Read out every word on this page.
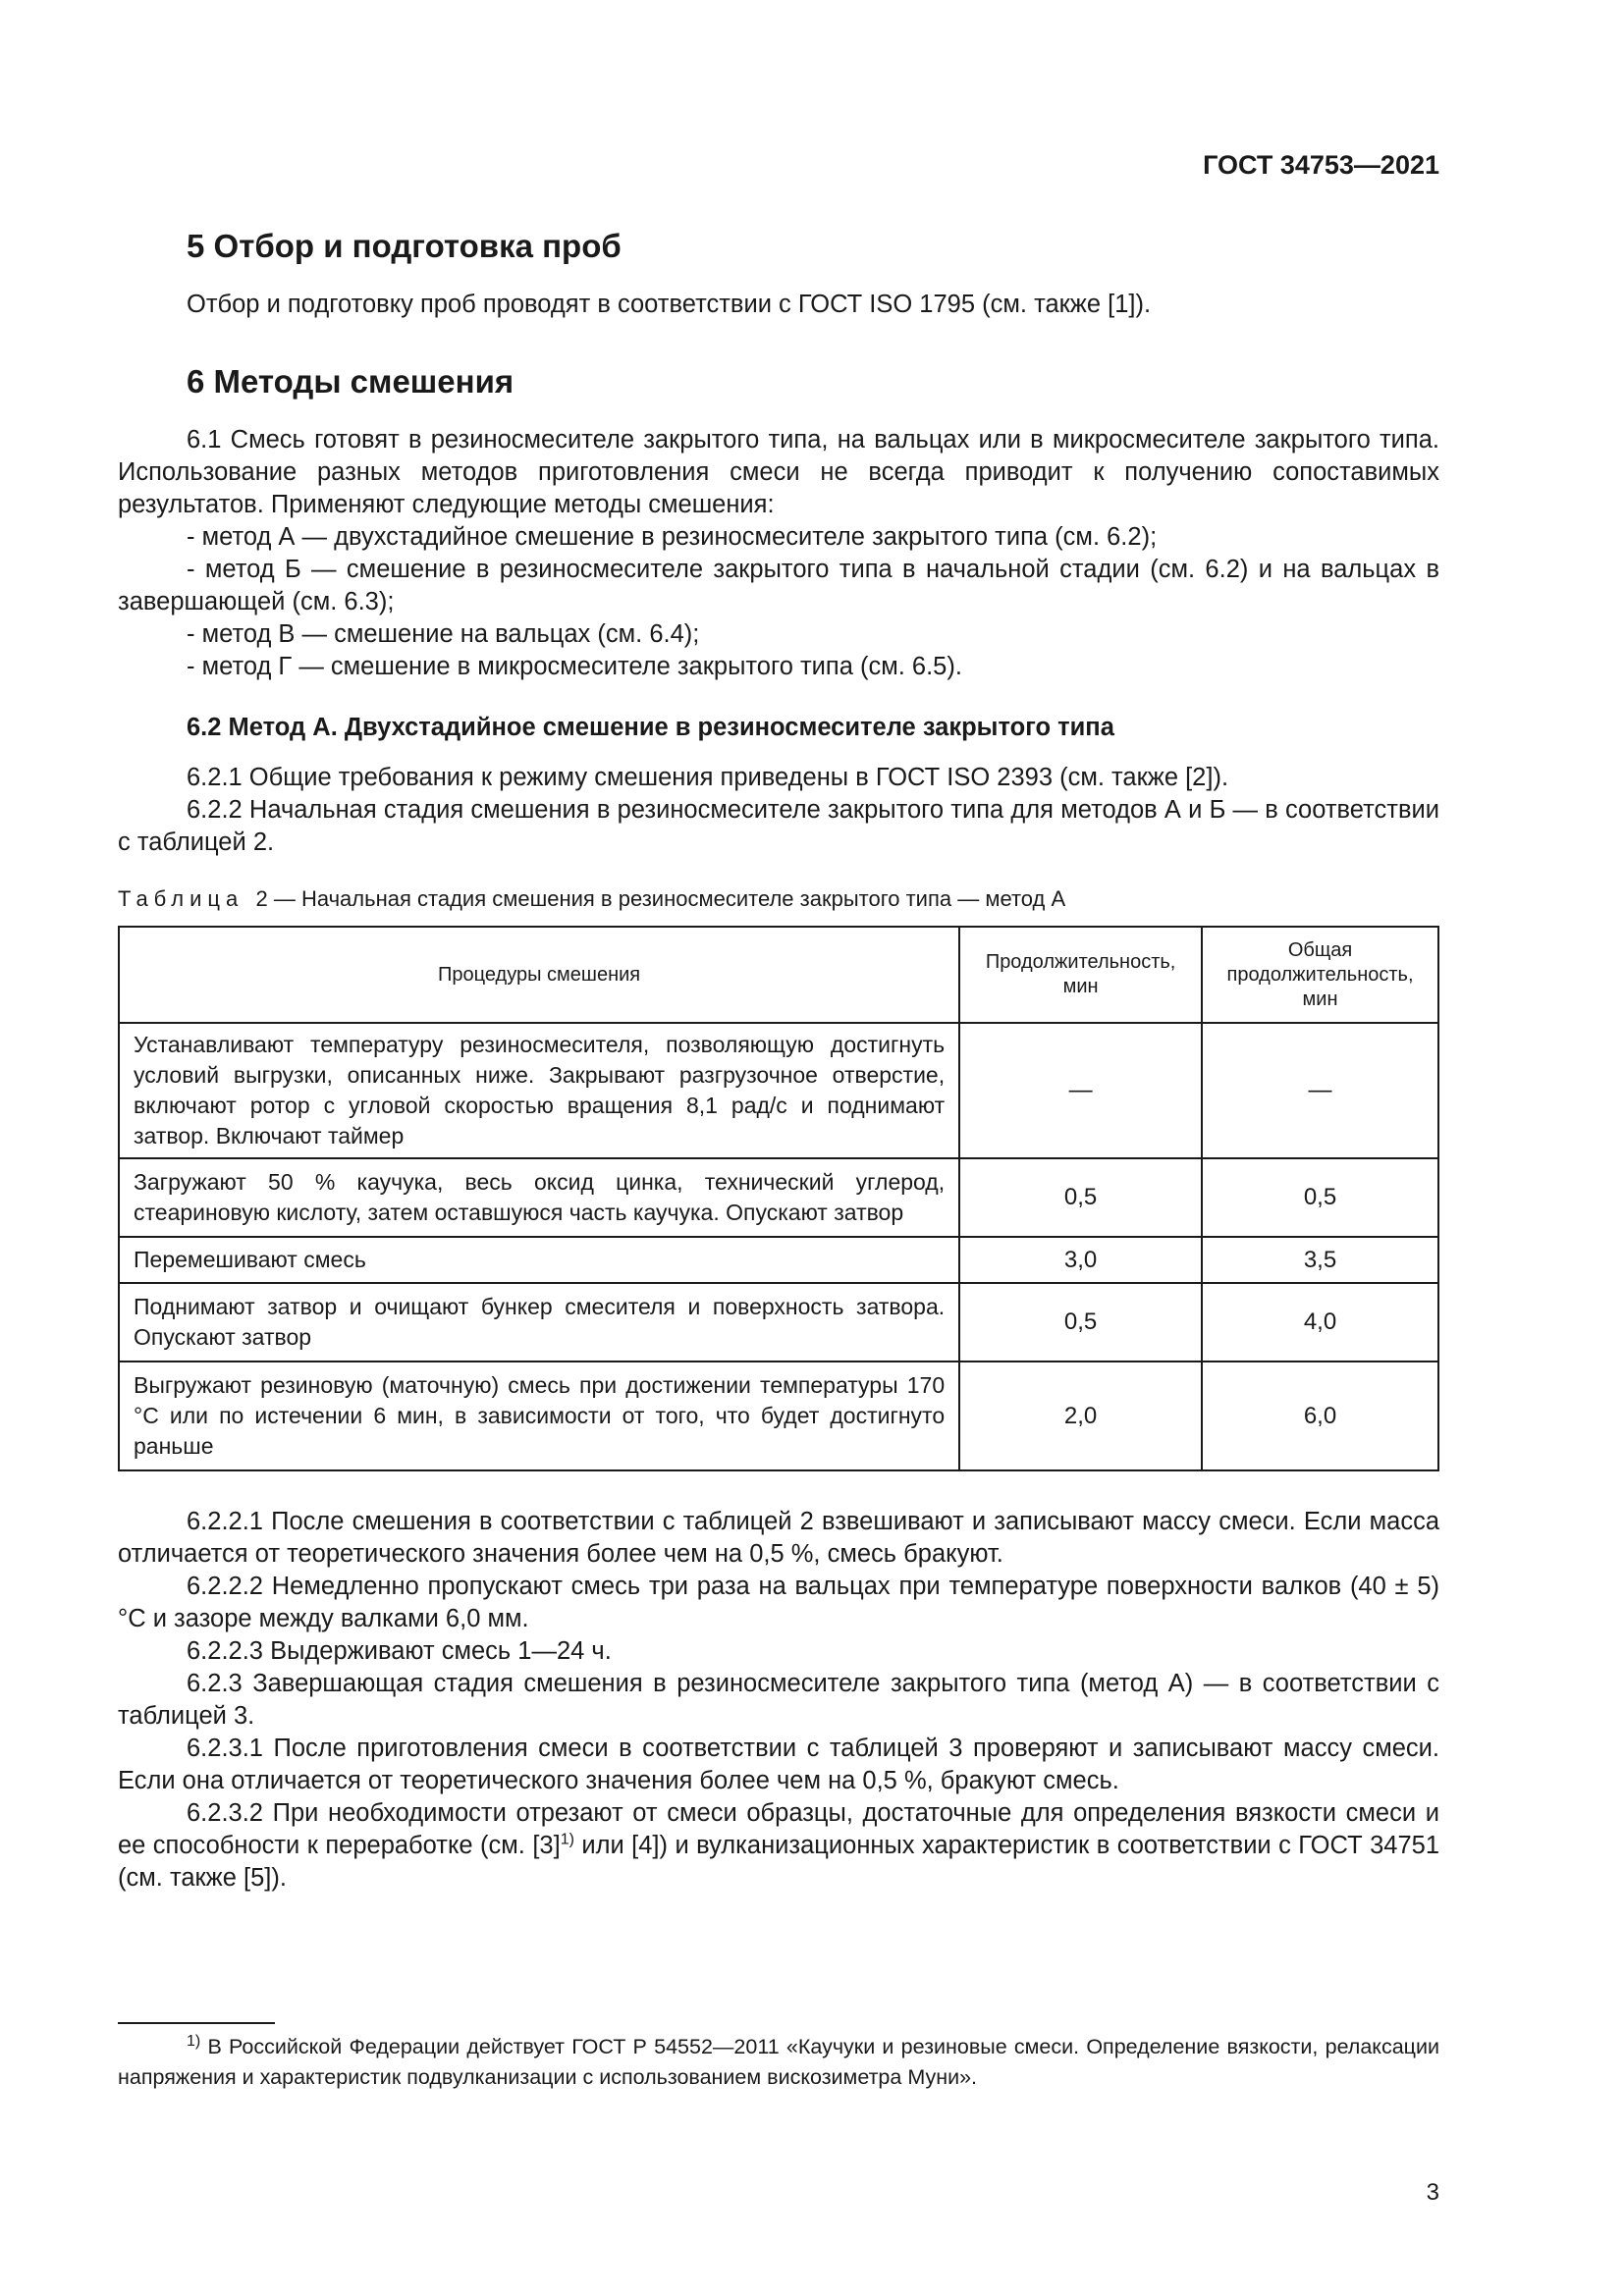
ГОСТ 34753—2021
5 Отбор и подготовка проб

Отбор и подготовку проб проводят в соответствии с ГОСТ ISO 1795 (см. также [1]).

6 Методы смешения

6.1 Смесь готовят в резиносмесителе закрытого типа, на вальцах или в микросмесителе закрытого типа. Использование разных методов приготовления смеси не всегда приводит к получению сопоставимых результатов. Применяют следующие методы смешения:

- метод А — двухстадийное смешение в резиносмесителе закрытого типа (см. 6.2);

- метод Б — смешение в резиносмесителе закрытого типа в начальной стадии (см. 6.2) и на вальцах в завершающей (см. 6.3);

- метод В — смешение на вальцах (см. 6.4);

- метод Г — смешение в микросмесителе закрытого типа (см. 6.5).

6.2 Метод А. Двухстадийное смешение в резиносмесителе закрытого типа

6.2.1 Общие требования к режиму смешения приведены в ГОСТ ISO 2393 (см. также [2]).

6.2.2 Начальная стадия смешения в резиносмесителе закрытого типа для методов А и Б — в соответствии с таблицей 2.

Таблица 2 — Начальная стадия смешения в резиносмесителе закрытого типа — метод А

Процедуры смешения	Продолжительность, мин	Общая продолжительность, мин
Устанавливают температуру резиносмесителя, позволяющую достигнуть условий выгрузки, описанных ниже. Закрывают разгрузочное отверстие, включают ротор с угловой скоростью вращения 8,1 рад/с и поднимают затвор. Включают таймер	—	—
Загружают 50 % каучука, весь оксид цинка, технический углерод, стеариновую кислоту, затем оставшуюся часть каучука. Опускают затвор	0,5	0,5
Перемешивают смесь	3,0	3,5
Поднимают затвор и очищают бункер смесителя и поверхность затвора. Опускают затвор	0,5	4,0
Выгружают резиновую (маточную) смесь при достижении температуры 170 °С или по истечении 6 мин, в зависимости от того, что будет достигнуто раньше	2,0	6,0

6.2.2.1 После смешения в соответствии с таблицей 2 взвешивают и записывают массу смеси. Если масса отличается от теоретического значения более чем на 0,5 %, смесь бракуют.

6.2.2.2 Немедленно пропускают смесь три раза на вальцах при температуре поверхности валков (40 ± 5) °С и зазоре между валками 6,0 мм.

6.2.2.3 Выдерживают смесь 1—24 ч.

6.2.3 Завершающая стадия смешения в резиносмесителе закрытого типа (метод А) — в соответствии с таблицей 3.

6.2.3.1 После приготовления смеси в соответствии с таблицей 3 проверяют и записывают массу смеси. Если она отличается от теоретического значения более чем на 0,5 %, бракуют смесь.

6.2.3.2 При необходимости отрезают от смеси образцы, достаточные для определения вязкости смеси и ее способности к переработке (см. $[3]^{1)}$ или [4]) и вулканизационных характеристик в соответствии с ГОСТ 34751 (см. также [5]).

$^{1)}$ В Российской Федерации действует ГОСТ Р 54552—2011 «Каучуки и резиновые смеси. Определение вязкости, релаксации напряжения и характеристик подвулканизации с использованием вискозиметра Муни».

3
